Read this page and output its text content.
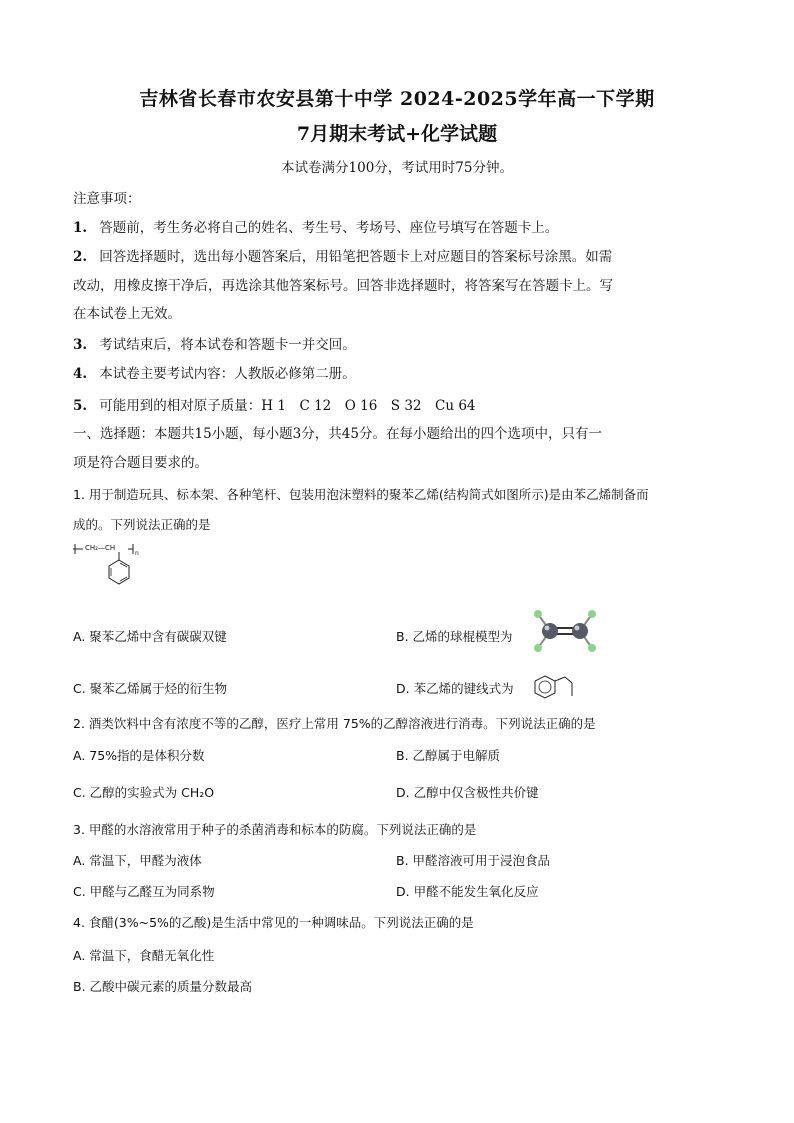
吉林省长春市农安县第十中学 2024-2025学年高一下学期
7月期末考试+化学试题
本试卷满分100分，考试用时75分钟。
注意事项：
1. 答题前，考生务必将自己的姓名、考生号、考场号、座位号填写在答题卡上。
2. 回答选择题时，选出每小题答案后，用铅笔把答题卡上对应题目的答案标号涂黑。如需
改动，用橡皮擦干净后，再选涂其他答案标号。回答非选择题时，将答案写在答题卡上。写
在本试卷上无效。
3. 考试结束后，将本试卷和答题卡一并交回。
4. 本试卷主要考试内容：人教版必修第二册。
5. 可能用到的相对原子质量：H 1　C 12　O 16　S 32　Cu 64
一、选择题：本题共15小题，每小题3分，共45分。在每小题给出的四个选项中，只有一
项是符合题目要求的。
1. 用于制造玩具、标本架、各种笔杆、包装用泡沫塑料的聚苯乙烯(结构简式如图所示)是由苯乙烯制备而
成的。下列说法正确的是
CH₂—CH
n
A. 聚苯乙烯中含有碳碳双键	B. 乙烯的球棍模型为
C. 聚苯乙烯属于烃的衍生物	D. 苯乙烯的键线式为
2. 酒类饮料中含有浓度不等的乙醇，医疗上常用 75%的乙醇溶液进行消毒。下列说法正确的是
A. 75%指的是体积分数	B. 乙醇属于电解质
C. 乙醇的实验式为 CH₂O	D. 乙醇中仅含极性共价键
3. 甲醛的水溶液常用于种子的杀菌消毒和标本的防腐。下列说法正确的是
A. 常温下，甲醛为液体	B. 甲醛溶液可用于浸泡食品
C. 甲醛与乙醛互为同系物	D. 甲醛不能发生氧化反应
4. 食醋(3%~5%的乙酸)是生活中常见的一种调味品。下列说法正确的是
A. 常温下，食醋无氧化性
B. 乙酸中碳元素的质量分数最高
